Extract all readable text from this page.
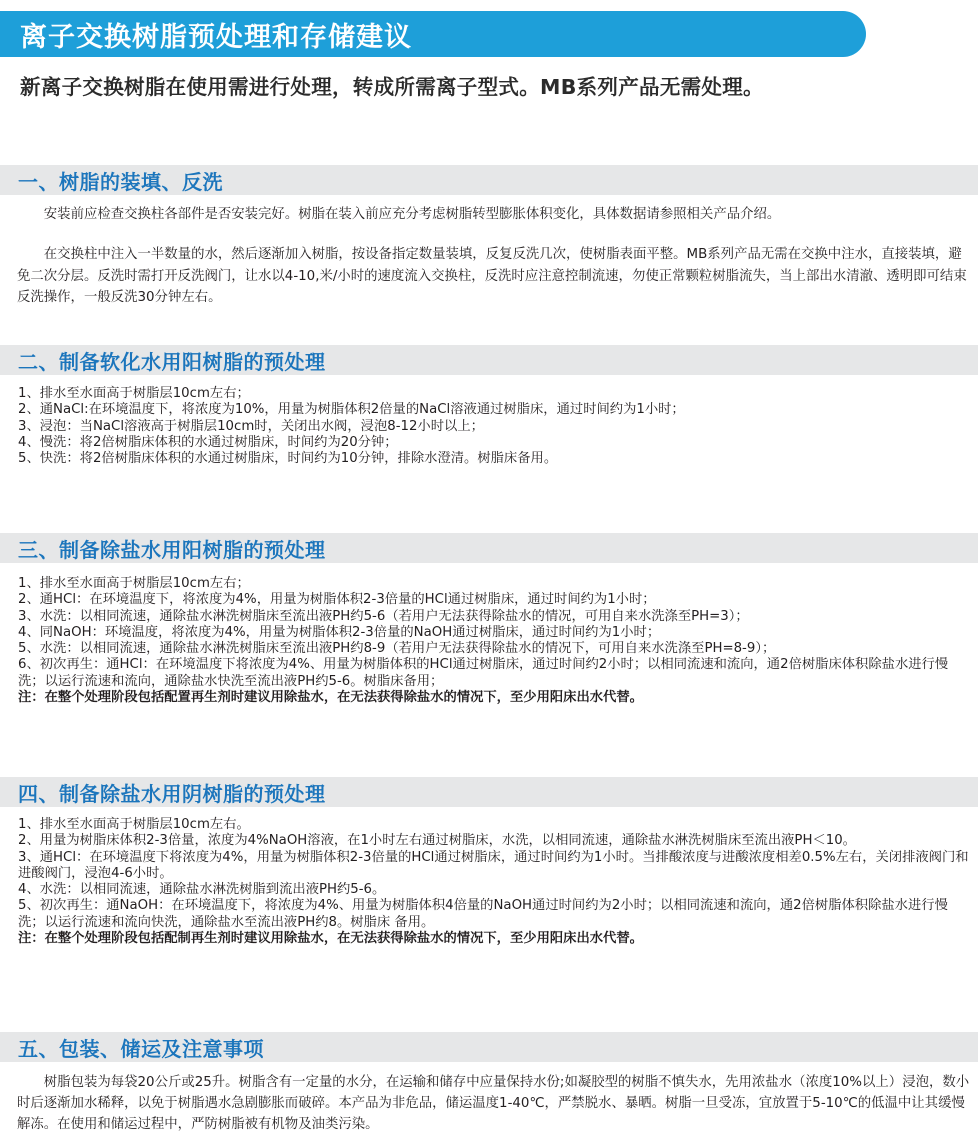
离子交换树脂预处理和存储建议
新离子交换树脂在使用需进行处理，转成所需离子型式。MB系列产品无需处理。
一、树脂的装填、反洗

安装前应检查交换柱各部件是否安装完好。树脂在装入前应充分考虑树脂转型膨胀体积变化，具体数据请参照相关产品介绍。

在交换柱中注入一半数量的水，然后逐渐加入树脂，按设备指定数量装填，反复反洗几次，使树脂表面平整。MB系列产品无需在交换中注水，直接装填，避免二次分层。反洗时需打开反洗阀门，让水以4-10,米/小时的速度流入交换柱，反洗时应注意控制流速，勿使正常颗粒树脂流失，当上部出水清澈、透明即可结束反洗操作，一般反洗30分钟左右。

二、制备软化水用阳树脂的预处理
1、排水至水面高于树脂层10cm左右；
2、通NaCl:在环境温度下，将浓度为10%，用量为树脂体积2倍量的NaCl溶液通过树脂床，通过时间约为1小时；
3、浸泡：当NaCl溶液高于树脂层10cm时，关闭出水阀，浸泡8-12小时以上；
4、慢洗：将2倍树脂床体积的水通过树脂床，时间约为20分钟；
5、快洗：将2倍树脂床体积的水通过树脂床，时间约为10分钟，排除水澄清。树脂床备用。
三、制备除盐水用阳树脂的预处理
1、排水至水面高于树脂层10cm左右；
2、通HCl：在环境温度下，将浓度为4%，用量为树脂体积2-3倍量的HCl通过树脂床，通过时间约为1小时；
3、水洗：以相同流速，通除盐水淋洗树脂床至流出液PH约5-6（若用户无法获得除盐水的情况，可用自来水洗涤至PH=3）；
4、同NaOH：环境温度，将浓度为4%，用量为树脂体积2-3倍量的NaOH通过树脂床，通过时间约为1小时；
5、水洗：以相同流速，通除盐水淋洗树脂床至流出液PH约8-9（若用户无法获得除盐水的情况下，可用自来水洗涤至PH=8-9）；
6、初次再生：通HCl：在环境温度下将浓度为4%、用量为树脂体积的HCl通过树脂床，通过时间约2小时；以相同流速和流向，通2倍树脂床体积除盐水进行慢洗；以运行流速和流向，通除盐水快洗至流出液PH约5-6。树脂床备用；
注：在整个处理阶段包括配置再生剂时建议用除盐水，在无法获得除盐水的情况下，至少用阳床出水代替。
四、制备除盐水用阴树脂的预处理
1、排水至水面高于树脂层10cm左右。
2、用量为树脂床体积2-3倍量，浓度为4%NaOH溶液，在1小时左右通过树脂床，水洗，以相同流速，通除盐水淋洗树脂床至流出液PH＜10。
3、通HCl：在环境温度下将浓度为4%，用量为树脂体积2-3倍量的HCl通过树脂床，通过时间约为1小时。当排酸浓度与进酸浓度相差0.5%左右，关闭排液阀门和进酸阀门，浸泡4-6小时。
4、水洗：以相同流速，通除盐水淋洗树脂到流出液PH约5-6。
5、初次再生：通NaOH：在环境温度下，将浓度为4%、用量为树脂体积4倍量的NaOH通过时间约为2小时；以相同流速和流向，通2倍树脂体积除盐水进行慢洗；以运行流速和流向快洗，通除盐水至流出液PH约8。树脂床 备用。
注：在整个处理阶段包括配制再生剂时建议用除盐水，在无法获得除盐水的情况下，至少用阳床出水代替。
五、包装、储运及注意事项

树脂包装为每袋20公斤或25升。树脂含有一定量的水分，在运输和储存中应量保持水份;如凝胶型的树脂不慎失水，先用浓盐水（浓度10%以上）浸泡，数小时后逐渐加水稀释，以免于树脂遇水急剧膨胀而破碎。本产品为非危品，储运温度1-40℃，严禁脱水、暴晒。树脂一旦受冻，宜放置于5-10℃的低温中让其缓慢解冻。在使用和储运过程中，严防树脂被有机物及油类污染。
